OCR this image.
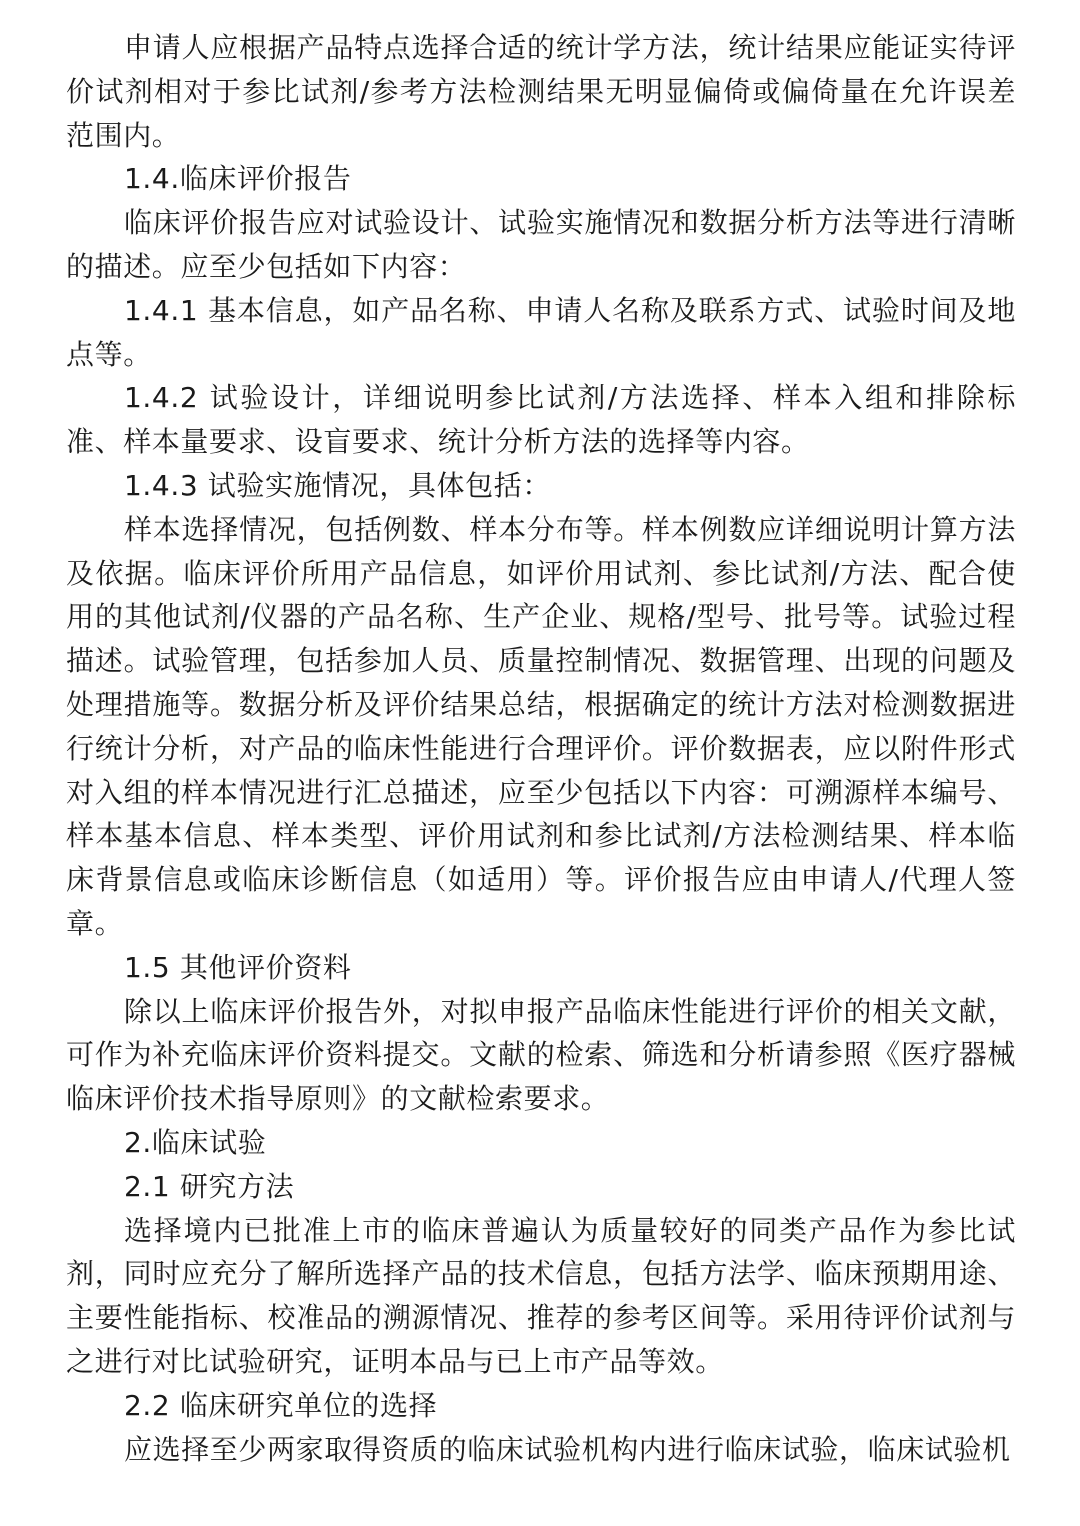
申请人应根据产品特点选择合适的统计学方法，统计结果应能证实待评价试剂相对于参比试剂/参考方法检测结果无明显偏倚或偏倚量在允许误差范围内。

1.4.临床评价报告

临床评价报告应对试验设计、试验实施情况和数据分析方法等进行清晰的描述。应至少包括如下内容：

1.4.1 基本信息，如产品名称、申请人名称及联系方式、试验时间及地点等。

1.4.2 试验设计，详细说明参比试剂/方法选择、样本入组和排除标准、样本量要求、设盲要求、统计分析方法的选择等内容。

1.4.3 试验实施情况，具体包括：

样本选择情况，包括例数、样本分布等。样本例数应详细说明计算方法及依据。临床评价所用产品信息，如评价用试剂、参比试剂/方法、配合使用的其他试剂/仪器的产品名称、生产企业、规格/型号、批号等。试验过程描述。试验管理，包括参加人员、质量控制情况、数据管理、出现的问题及处理措施等。数据分析及评价结果总结，根据确定的统计方法对检测数据进行统计分析，对产品的临床性能进行合理评价。评价数据表，应以附件形式对入组的样本情况进行汇总描述，应至少包括以下内容：可溯源样本编号、样本基本信息、样本类型、评价用试剂和参比试剂/方法检测结果、样本临床背景信息或临床诊断信息（如适用）等。评价报告应由申请人/代理人签章。

1.5 其他评价资料

除以上临床评价报告外，对拟申报产品临床性能进行评价的相关文献，可作为补充临床评价资料提交。文献的检索、筛选和分析请参照《医疗器械临床评价技术指导原则》的文献检索要求。

2.临床试验

2.1 研究方法

选择境内已批准上市的临床普遍认为质量较好的同类产品作为参比试剂，同时应充分了解所选择产品的技术信息，包括方法学、临床预期用途、主要性能指标、校准品的溯源情况、推荐的参考区间等。采用待评价试剂与之进行对比试验研究，证明本品与已上市产品等效。

2.2 临床研究单位的选择

应选择至少两家取得资质的临床试验机构内进行临床试验，临床试验机
